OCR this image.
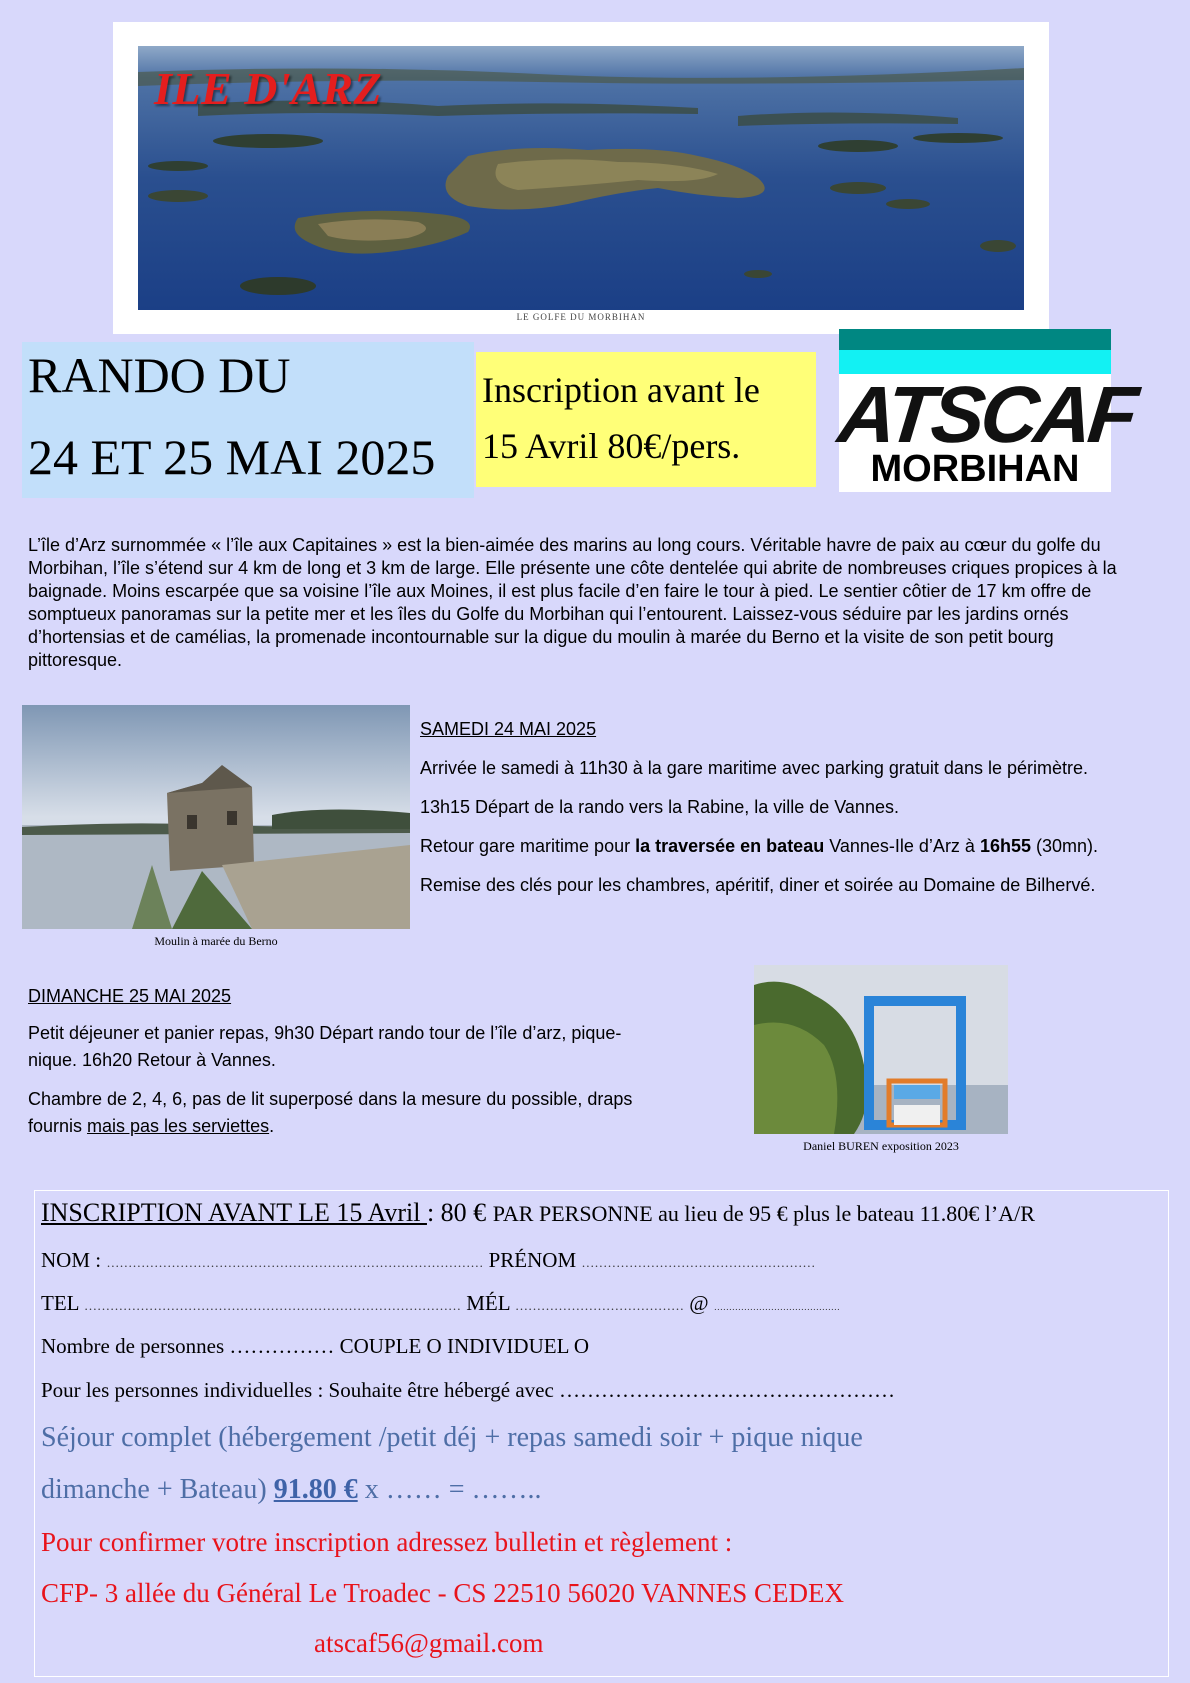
ILE D'ARZ
LE GOLFE DU MORBIHAN
RANDO DU
24 ET 25 MAI 2025
Inscription avant le
15 Avril 80€/pers.	ATSCAF
MORBIHAN
L’île d’Arz surnommée « l’île aux Capitaines » est la bien-aimée des marins au long cours. Véritable havre de paix au cœur du golfe du Morbihan, l’île s’étend sur 4 km de long et 3 km de large. Elle présente une côte dentelée qui abrite de nombreuses criques propices à la baignade. Moins escarpée que sa voisine l’île aux Moines, il est plus facile d’en faire le tour à pied. Le sentier côtier de 17 km offre de somptueux panoramas sur la petite mer et les îles du Golfe du Morbihan qui l’entourent. Laissez-vous séduire par les jardins ornés d’hortensias et de camélias, la promenade incontournable sur la digue du moulin à marée du Berno et la visite de son petit bourg pittoresque.
Moulin à marée du Berno

SAMEDI 24 MAI 2025

Arrivée le samedi à 11h30 à la gare maritime avec parking gratuit dans le périmètre.

13h15 Départ de la rando vers la Rabine, la ville de Vannes.

Retour gare maritime pour la traversée en bateau Vannes-Ile d’Arz à 16h55 (30mn).

Remise des clés pour les chambres, apéritif, diner et soirée au Domaine de Bilhervé.

DIMANCHE 25 MAI 2025

Petit déjeuner et panier repas, 9h30 Départ rando tour de l’île d’arz, pique-nique. 16h20 Retour à Vannes.

Chambre de 2, 4, 6, pas de lit superposé dans la mesure du possible, draps fournis mais pas les serviettes.

Daniel BUREN exposition 2023
INSCRIPTION AVANT LE 15 Avril : 80 € PAR PERSONNE au lieu de 95 € plus le bateau 11.80€ l’A/R
NOM : …………………………………………………………………………… PRÉNOM ………………………………………………
TEL …………………………………………………………………………… MÉL ………………………………… @ ……………………………………
Nombre de personnes …………… COUPLE O INDIVIDUEL O
Pour les personnes individuelles : Souhaite être hébergé avec …………………………………………
Séjour complet (hébergement /petit déj + repas samedi soir + pique nique
dimanche + Bateau) 91.80 € x …… = ……..
Pour confirmer votre inscription adressez bulletin et règlement :
CFP- 3 allée du Général Le Troadec - CS 22510 56020 VANNES CEDEX
atscaf56@gmail.com
